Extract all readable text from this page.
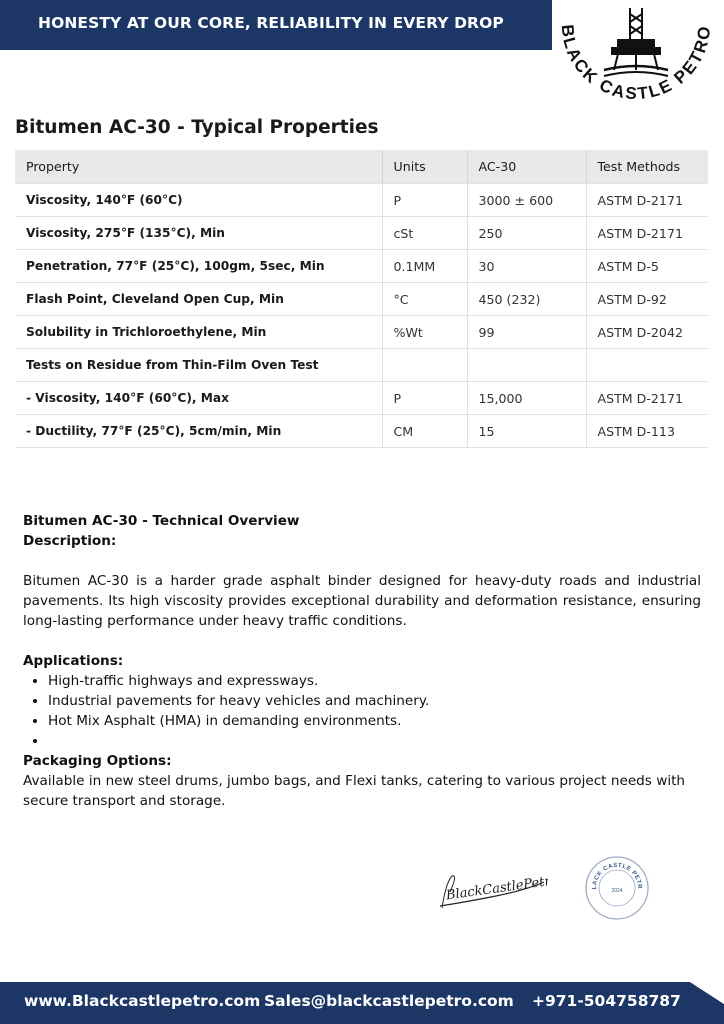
HONESTY AT OUR CORE, RELIABILITY IN EVERY DROP	BLACK CASTLE PETRO
Bitumen AC-30 - Typical Properties
Property	Units	AC-30	Test Methods
Viscosity, 140°F (60°C)	P	3000 ± 600	ASTM D-2171
Viscosity, 275°F (135°C), Min	cSt	250	ASTM D-2171
Penetration, 77°F (25°C), 100gm, 5sec, Min	0.1MM	30	ASTM D-5
Flash Point, Cleveland Open Cup, Min	°C	450 (232)	ASTM D-92
Solubility in Trichloroethylene, Min	%Wt	99	ASTM D-2042
Tests on Residue from Thin-Film Oven Test			
- Viscosity, 140°F (60°C), Max	P	15,000	ASTM D-2171
- Ductility, 77°F (25°C), 5cm/min, Min	CM	15	ASTM D-113
Bitumen AC-30 - Technical Overview
Description:

Bitumen AC-30 is a harder grade asphalt binder designed for heavy-duty roads and industrial pavements. Its high viscosity provides exceptional durability and deformation resistance, ensuring long-lasting performance under heavy traffic conditions.

Applications:
• High-traffic highways and expressways.
• Industrial pavements for heavy vehicles and machinery.
• Hot Mix Asphalt (HMA) in demanding environments.
•
Packaging Options:

Available in new steel drums, jumbo bags, and Flexi tanks, catering to various project needs with secure transport and storage.

BlackCastlePetro	LACK CASTLE PETR
2024
www.Blackcastlepetro.com Sales@blackcastlepetro.com +971-504758787
